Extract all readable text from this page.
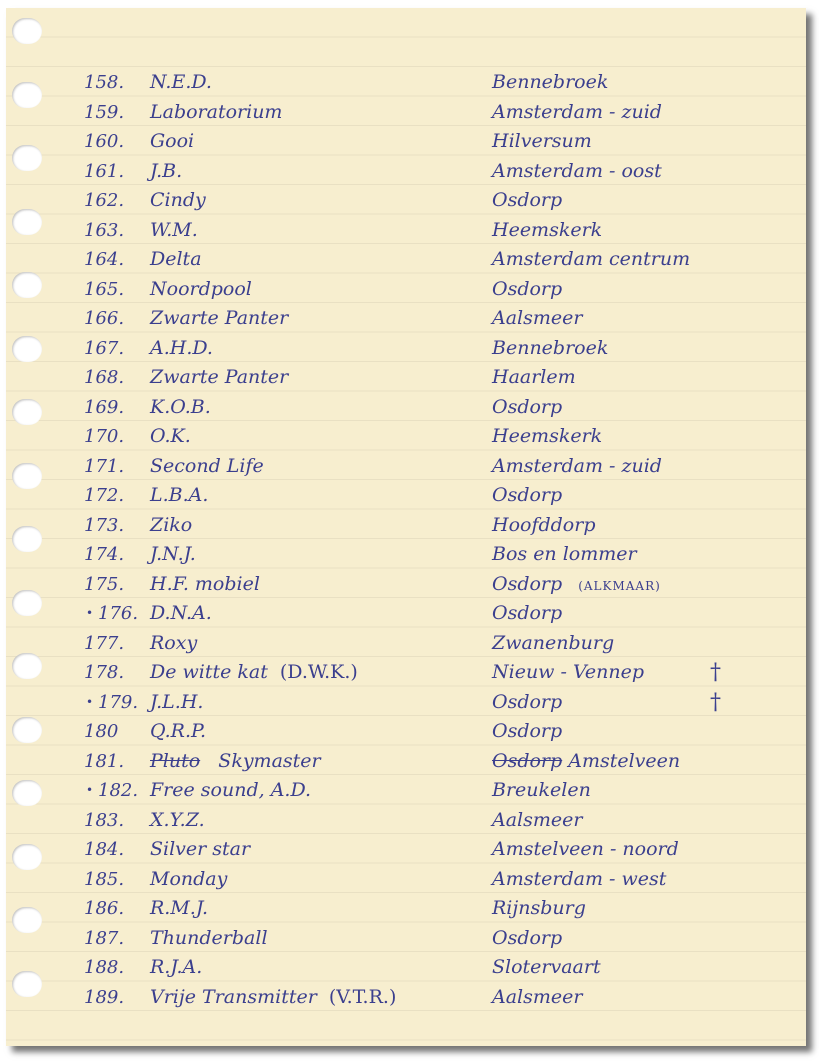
158.	N.E.D.	Bennebroek
159.	Laboratorium	Amsterdam - zuid
160.	Gooi	Hilversum
161.	J.B.	Amsterdam - oost
162.	Cindy	Osdorp
163.	W.M.	Heemskerk
164.	Delta	Amsterdam centrum
165.	Noordpool	Osdorp
166.	Zwarte Panter	Aalsmeer
167.	A.H.D.	Bennebroek
168.	Zwarte Panter	Haarlem
169.	K.O.B.	Osdorp
170.	O.K.	Heemskerk
171.	Second Life	Amsterdam - zuid
172.	L.B.A.	Osdorp
173.	Ziko	Hoofddorp
174.	J.N.J.	Bos en lommer
175.	H.F. mobiel	Osdorp (ALKMAAR)
• 176. D.N.A.	Osdorp
177.	Roxy	Zwanenburg
178.	De witte kat (D.W.K.)	Nieuw - Vennep	†
• 179. J.L.H.	Osdorp	†
180	Q.R.P.	Osdorp
181.	Pluto Skymaster	Osdorp Amstelveen
• 182. Free sound, A.D.	Breukelen
183.	X.Y.Z.	Aalsmeer
184.	Silver star	Amstelveen - noord
185.	Monday	Amsterdam - west
186.	R.M.J.	Rijnsburg
187.	Thunderball	Osdorp
188.	R.J.A.	Slotervaart
189.	Vrije Transmitter (V.T.R.)	Aalsmeer
